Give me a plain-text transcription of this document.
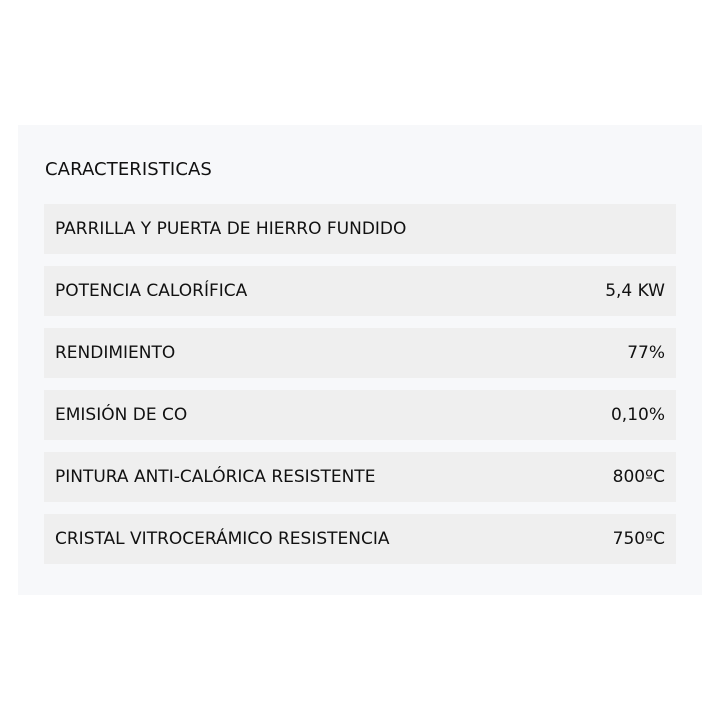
CARACTERISTICAS
PARRILLA Y PUERTA DE HIERRO FUNDIDO
POTENCIA CALORÍFICA	5,4 KW
RENDIMIENTO	77%
EMISIÓN DE CO	0,10%
PINTURA ANTI-CALÓRICA RESISTENTE	800ºC
CRISTAL VITROCERÁMICO RESISTENCIA	750ºC
